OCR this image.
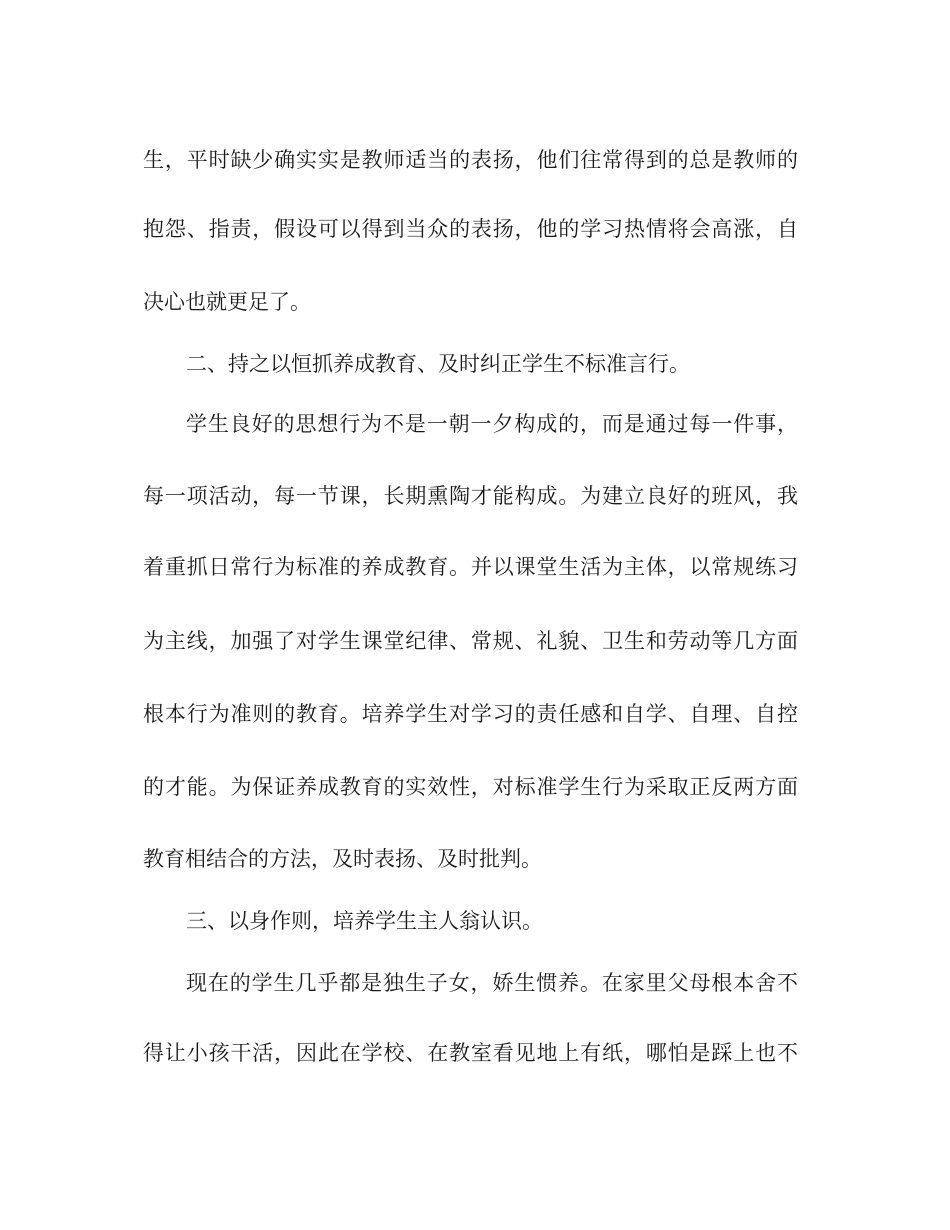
生，平时缺少确实实是教师适当的表扬，他们往常得到的总是教师的
抱怨、指责，假设可以得到当众的表扬，他的学习热情将会高涨，自
决心也就更足了。
二、持之以恒抓养成教育、及时纠正学生不标准言行。
学生良好的思想行为不是一朝一夕构成的，而是通过每一件事，
每一项活动，每一节课，长期熏陶才能构成。为建立良好的班风，我
着重抓日常行为标准的养成教育。并以课堂生活为主体，以常规练习
为主线，加强了对学生课堂纪律、常规、礼貌、卫生和劳动等几方面
根本行为准则的教育。培养学生对学习的责任感和自学、自理、自控
的才能。为保证养成教育的实效性，对标准学生行为采取正反两方面
教育相结合的方法，及时表扬、及时批判。
三、以身作则，培养学生主人翁认识。
现在的学生几乎都是独生子女，娇生惯养。在家里父母根本舍不
得让小孩干活，因此在学校、在教室看见地上有纸，哪怕是踩上也不
